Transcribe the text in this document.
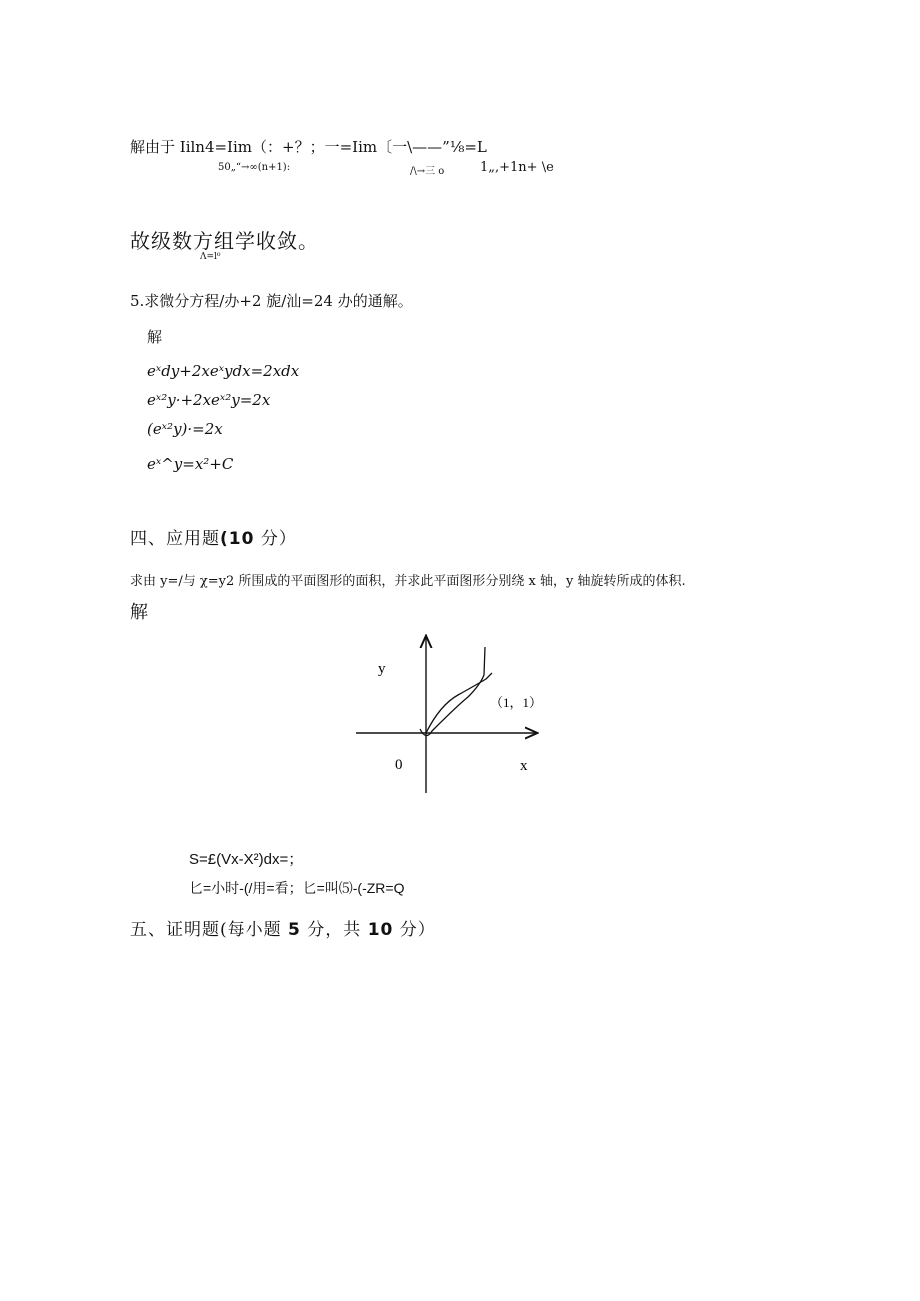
解由于 Iiln4=Iim（：+？；一=Iim〔一\——”⅛=L
50„“→∞(n+1):	/\→三 o	1„,+1n+ \e
故级数方组学收敛。
Λ=l⁰
5.求微分方程/办+2 旎/汕=24 办的通解。
解
eˣdy+2xeˣydx=2xdx
eˣ²y·+2xeˣ²y=2x
(eˣ²y)·=2x
eˣ^y=x²+C
四、应用题(10 分）
求由 y=/与 χ=y2 所围成的平面图形的面积，并求此平面图形分别绕 x 轴，y 轴旋转所成的体积.
解
y
x
0
（1，1）
S=£(Vx-X²)dx=；
匕=小时-(/用=看；匕=叫⑸-(-ZR=Q
五、证明题(每小题 5 分，共 10 分）
